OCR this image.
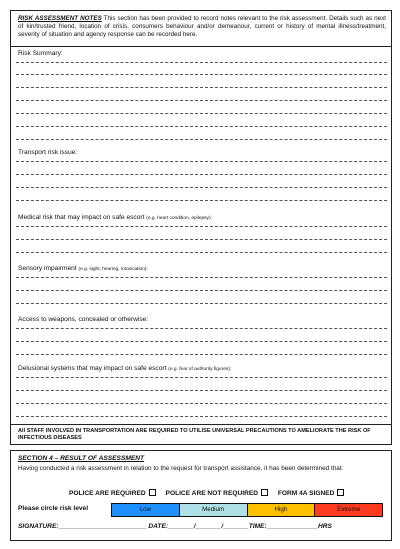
RISK ASSESSMENT NOTES This section has been provided to record notes relevant to the risk assessment. Details such as next of kin/trusted friend, location of crisis, consumers behaviour and/or demeanour, current or history of mental illness/treatment, severity of situation and agency response can be recorded here.
Risk Summary:
Transport risk issue:
Medical risk that may impact on safe escort (e.g. heart condition, epilepsy):
Sensory impairment (e.g. sight, hearing, intoxication):
Access to weapons, concealed or otherwise:
Delusional systems that may impact on safe escort (e.g. fear of authority figures):
All STAFF INVOLVED IN TRANSPORTATION ARE REQUIRED TO UTILISE UNIVERSAL PRECAUTIONS TO AMELIORATE THE RISK OF INFECTIOUS DISEASES
SECTION 4 – RESULT OF ASSESSMENT
Having conducted a risk assessment in relation to the request for transport assistance, it has been determined that:
POLICE ARE REQUIRED	POLICE ARE NOT REQUIRED	FORM 4A SIGNED
Please circle risk level	Low	Medium	High	Extreme
SIGNATURE:________________________ DATE:_______/_______/_______TIME:______________HRS
